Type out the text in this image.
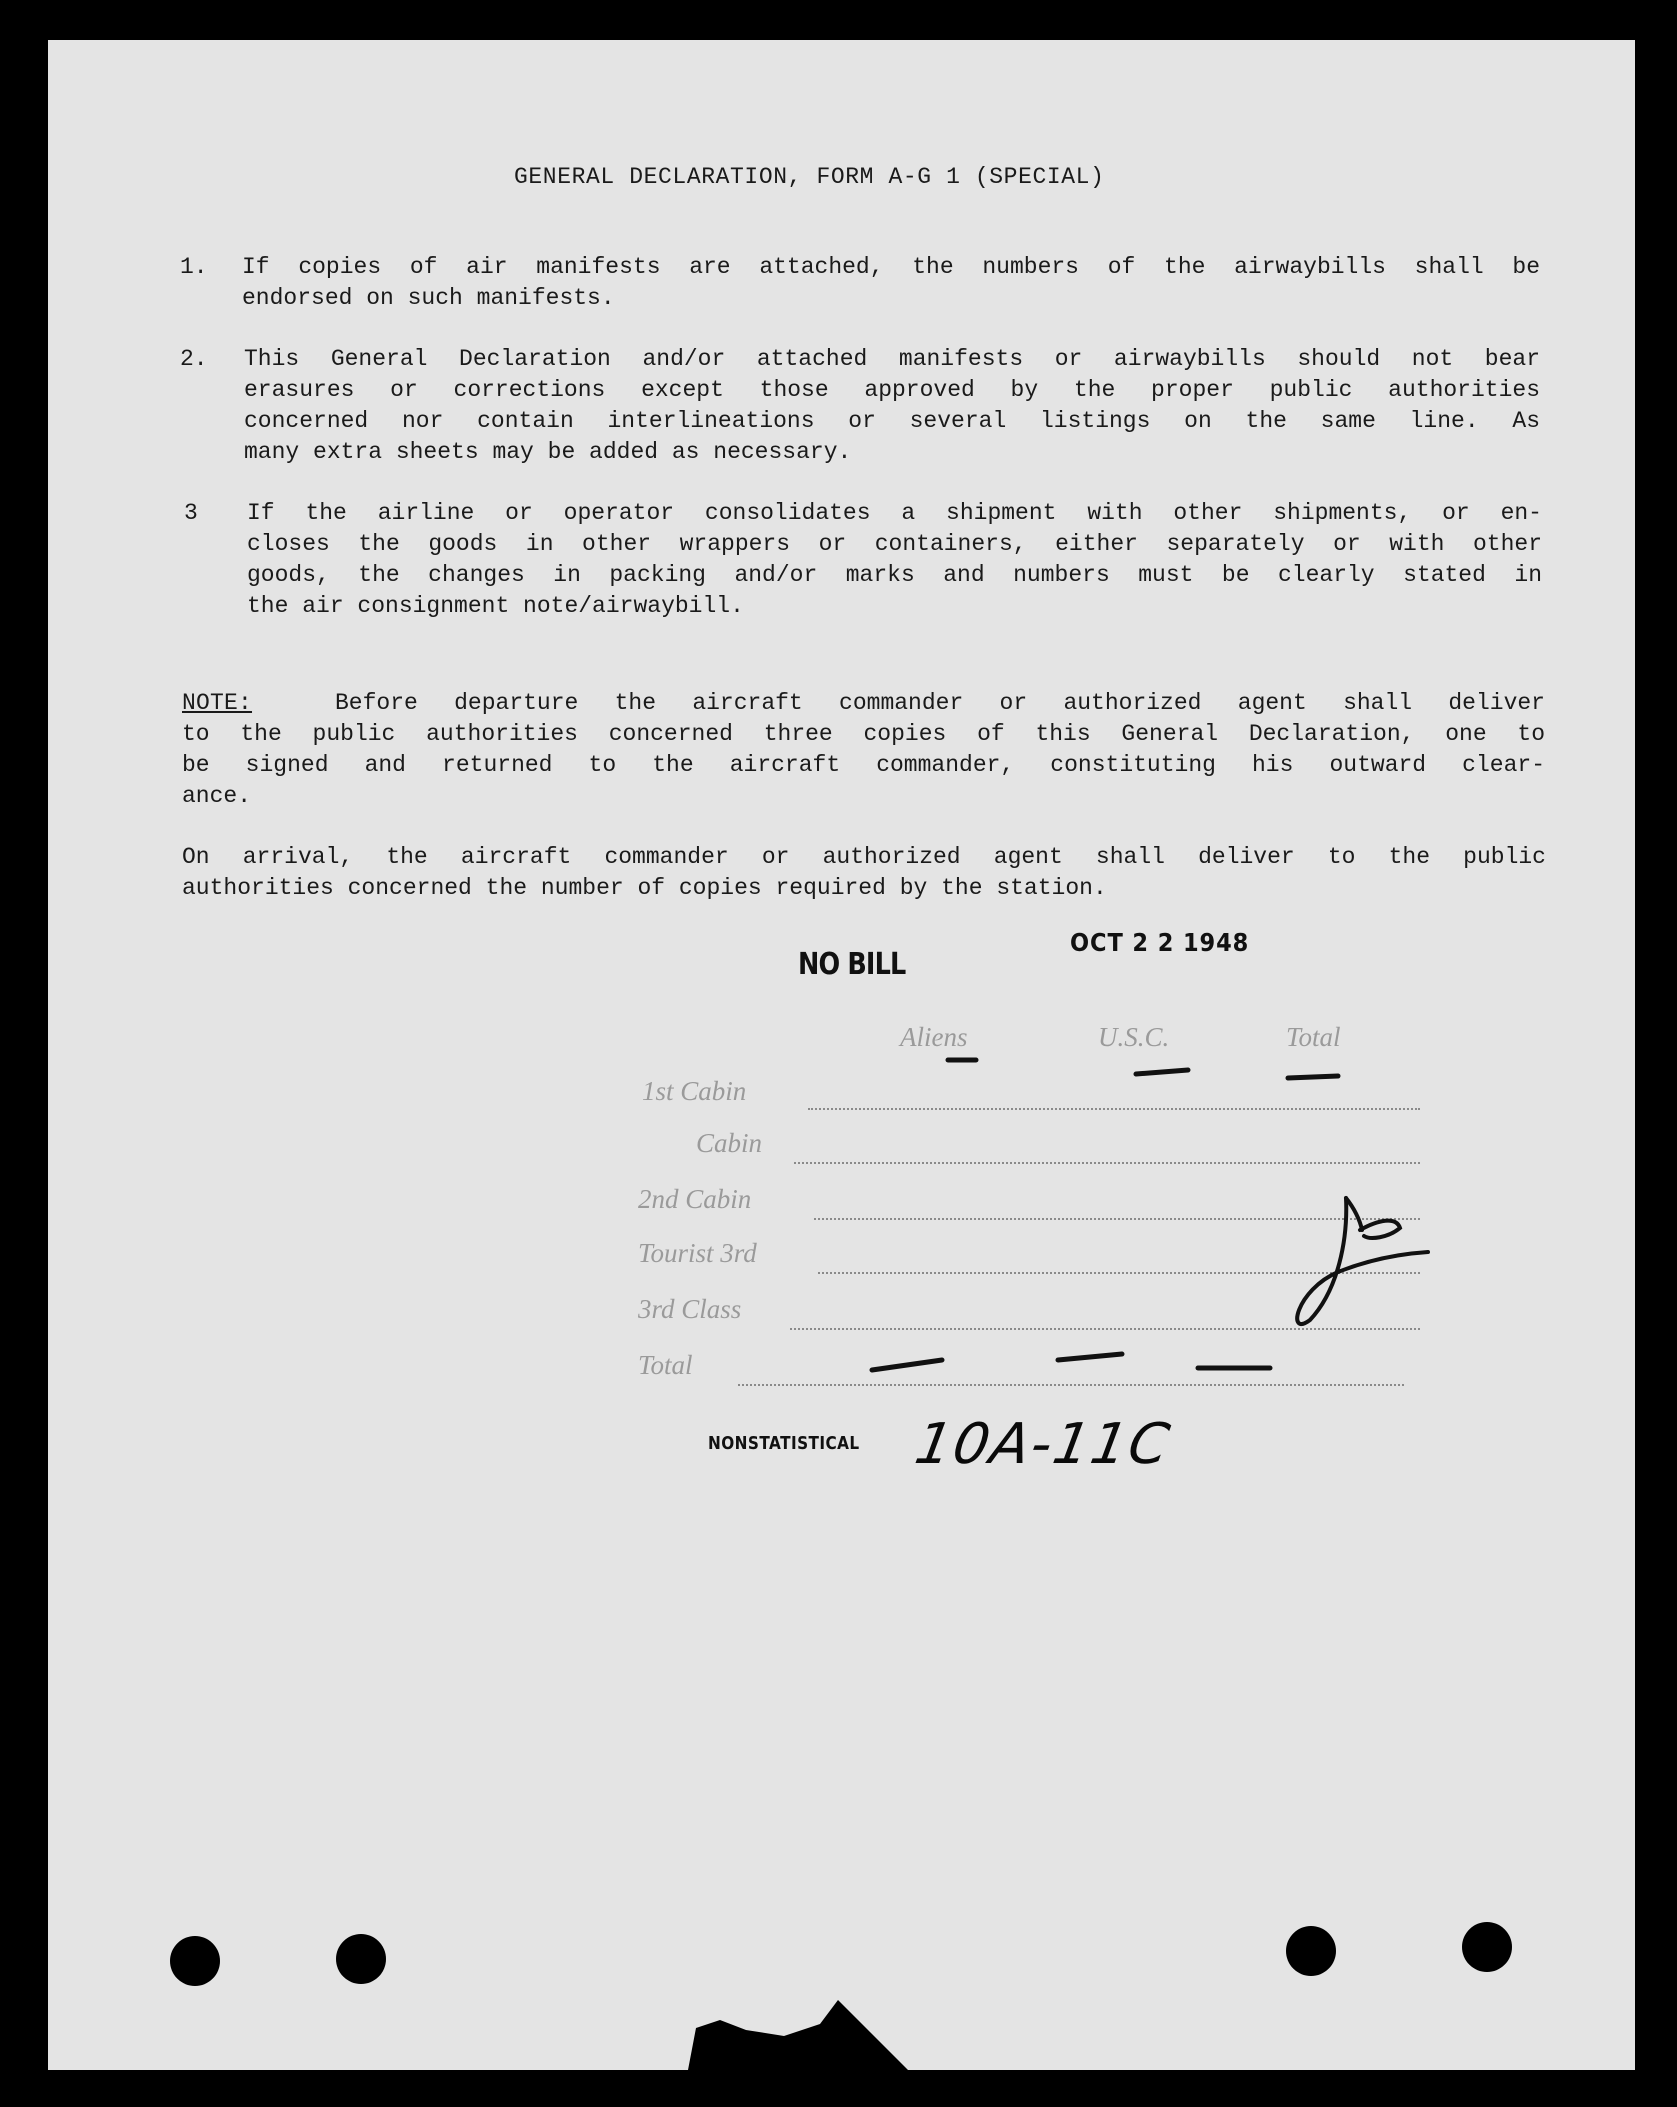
GENERAL DECLARATION, FORM A-G 1 (SPECIAL)
1. If copies of air manifests are attached, the numbers of the airwaybills shall be
endorsed on such manifests.
2. This General Declaration and/or attached manifests or airwaybills should not bear
erasures or corrections except those approved by the proper public authorities
concerned nor contain interlineations or several listings on the same line. As
many extra sheets may be added as necessary.
3 If the airline or operator consolidates a shipment with other shipments, or en-
closes the goods in other wrappers or containers, either separately or with other
goods, the changes in packing and/or marks and numbers must be clearly stated in
the air consignment note/airwaybill.
NOTE:	Before departure the aircraft commander or authorized agent shall deliver
to the public authorities concerned three copies of this General Declaration, one to
be signed and returned to the aircraft commander, constituting his outward clear-
ance.
On arrival, the aircraft commander or authorized agent shall deliver to the public
authorities concerned the number of copies required by the station.
NO BILL
OCT 2 2 1948
Aliens	U.S.C.	Total
1st Cabin
Cabin
2nd Cabin
Tourist 3rd
3rd Class
Total
NONSTATISTICAL 10A-11C
